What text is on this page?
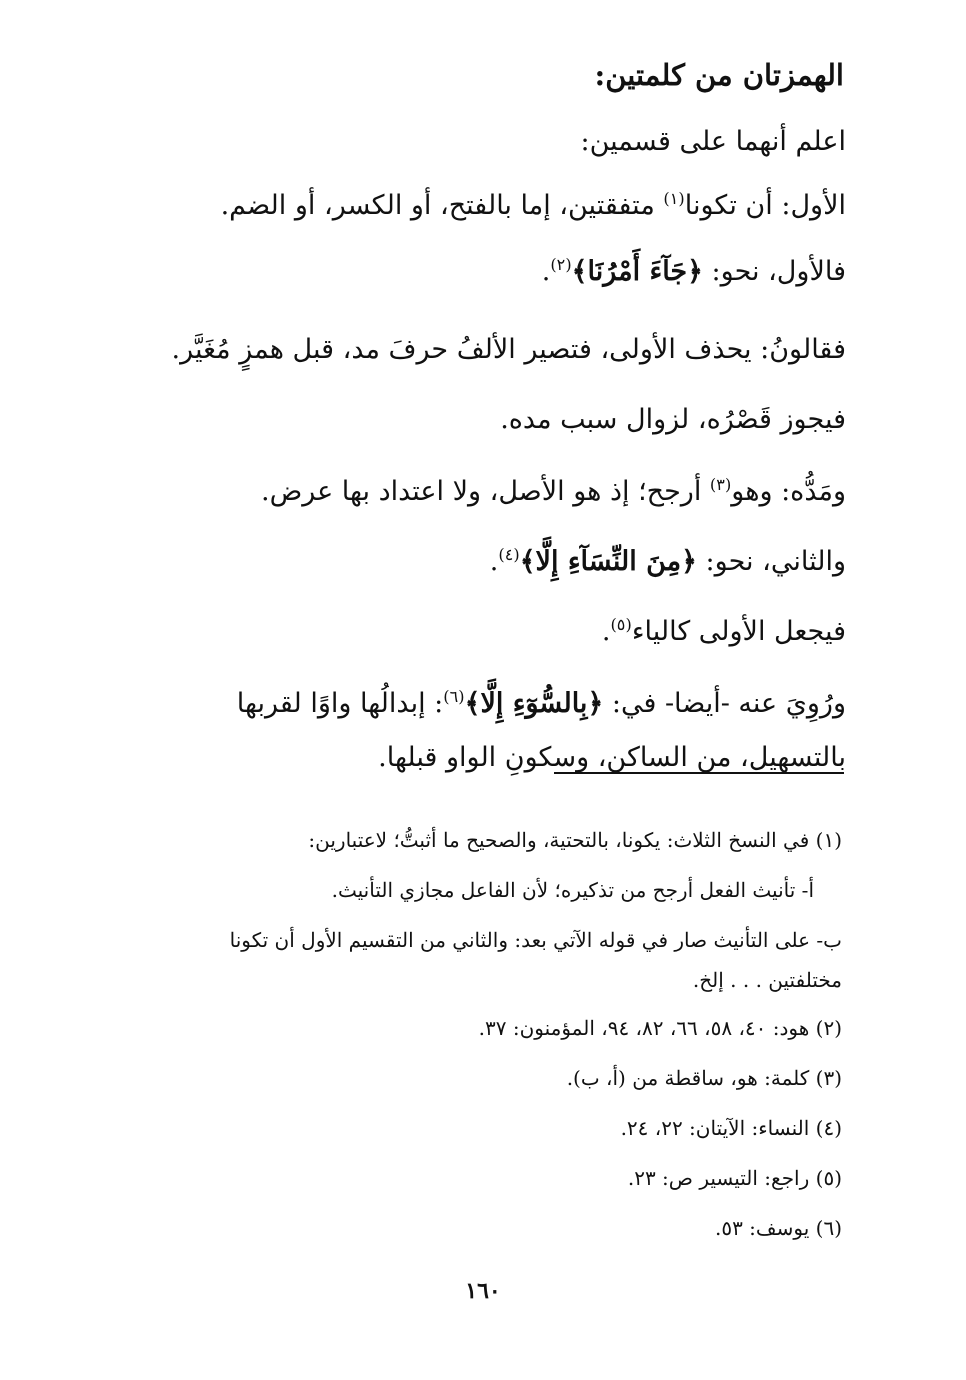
الهمزتان من كلمتين:

اعلم أنهما على قسمين:

الأول: أن تكونا$^{(١)}$ متفقتين، إما بالفتح، أو الكسر، أو الضم.

فالأول، نحو: ﴿جَآءَ أَمْرُنَا﴾$^{(٢)}$.

فقالونُ: يحذف الأولى، فتصير الألفُ حرفَ مد، قبل همزٍ مُغَيَّر.

فيجوز قَصْرُه، لزوال سبب مده.

ومَدُّه: وهو$^{(٣)}$ أرجح؛ إذ هو الأصل، ولا اعتداد بها عرض.

والثاني، نحو: ﴿مِنَ النِّسَآءِ إِلَّا﴾$^{(٤)}$.

فيجعل الأولى كالياء$^{(٥)}$.

ورُوِيَ عنه -أيضا- في: ﴿بِالسُّوٓءِ إِلَّا﴾$^{(٦)}$: إبدالُها واوًا لقربها

بالتسهيل، من الساكن، وسكونِ الواو قبلها.

(١) في النسخ الثلاث: يكونا، بالتحتية، والصحيح ما أثبتُّ؛ لاعتبارين:

أ- تأنيث الفعل أرجح من تذكيره؛ لأن الفاعل مجازي التأنيث.

ب- على التأنيث صار في قوله الآتي بعد: والثاني من التقسيم الأول أن تكونا

مختلفتين . . . إلخ.

(٢) هود: ٤٠، ٥٨، ٦٦، ٨٢، ٩٤، المؤمنون: ٣٧.

(٣) كلمة: هو، ساقطة من (أ، ب).

(٤) النساء: الآيتان: ٢٢، ٢٤.

(٥) راجع: التيسير ص: ٢٣.

(٦) يوسف: ٥٣.

١٦٠
